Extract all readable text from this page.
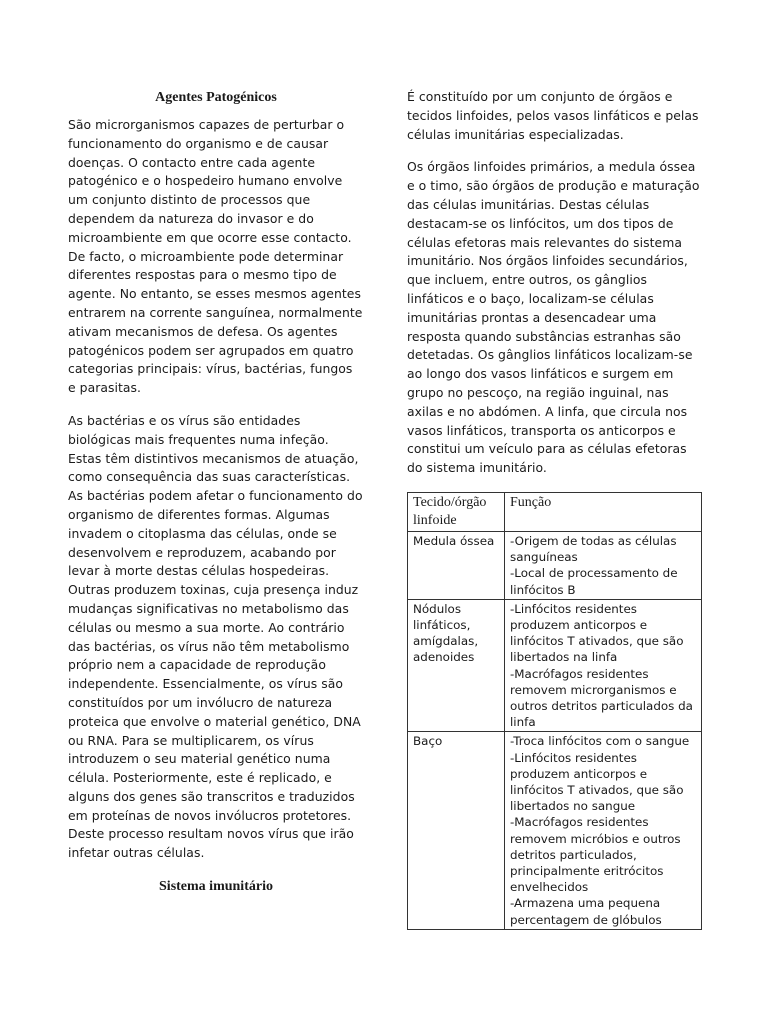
Agentes Patogénicos

São microrganismos capazes de perturbar o funcionamento do organismo e de causar doenças. O contacto entre cada agente patogénico e o hospedeiro humano envolve um conjunto distinto de processos que dependem da natureza do invasor e do microambiente em que ocorre esse contacto. De facto, o microambiente pode determinar diferentes respostas para o mesmo tipo de agente. No entanto, se esses mesmos agentes entrarem na corrente sanguínea, normalmente ativam mecanismos de defesa. Os agentes patogénicos podem ser agrupados em quatro categorias principais: vírus, bactérias, fungos e parasitas.

As bactérias e os vírus são entidades biológicas mais frequentes numa infeção. Estas têm distintivos mecanismos de atuação, como consequência das suas características. As bactérias podem afetar o funcionamento do organismo de diferentes formas. Algumas invadem o citoplasma das células, onde se desenvolvem e reproduzem, acabando por levar à morte destas células hospedeiras. Outras produzem toxinas, cuja presença induz mudanças significativas no metabolismo das células ou mesmo a sua morte. Ao contrário das bactérias, os vírus não têm metabolismo próprio nem a capacidade de reprodução independente. Essencialmente, os vírus são constituídos por um invólucro de natureza proteica que envolve o material genético, DNA ou RNA. Para se multiplicarem, os vírus introduzem o seu material genético numa célula. Posteriormente, este é replicado, e alguns dos genes são transcritos e traduzidos em proteínas de novos invólucros protetores. Deste processo resultam novos vírus que irão infetar outras células.

Sistema imunitário

É constituído por um conjunto de órgãos e tecidos linfoides, pelos vasos linfáticos e pelas células imunitárias especializadas.

Os órgãos linfoides primários, a medula óssea e o timo, são órgãos de produção e maturação das células imunitárias. Destas células destacam-se os linfócitos, um dos tipos de células efetoras mais relevantes do sistema imunitário. Nos órgãos linfoides secundários, que incluem, entre outros, os gânglios linfáticos e o baço, localizam-se células imunitárias prontas a desencadear uma resposta quando substâncias estranhas são detetadas. Os gânglios linfáticos localizam-se ao longo dos vasos linfáticos e surgem em grupo no pescoço, na região inguinal, nas axilas e no abdómen. A linfa, que circula nos vasos linfáticos, transporta os anticorpos e constitui um veículo para as células efetoras do sistema imunitário.

Tecido/órgão linfoide	Função
Medula óssea	-Origem de todas as células sanguíneas
-Local de processamento de linfócitos B

Nódulos linfáticos, amígdalas, adenoides	-Linfócitos residentes produzem anticorpos e linfócitos T ativados, que são libertados na linfa
-Macrófagos residentes removem microrganismos e outros detritos particulados da linfa

Baço	-Troca linfócitos com o sangue
-Linfócitos residentes produzem anticorpos e linfócitos T ativados, que são libertados no sangue
-Macrófagos residentes removem micróbios e outros detritos particulados, principalmente eritrócitos envelhecidos
-Armazena uma pequena percentagem de glóbulos
